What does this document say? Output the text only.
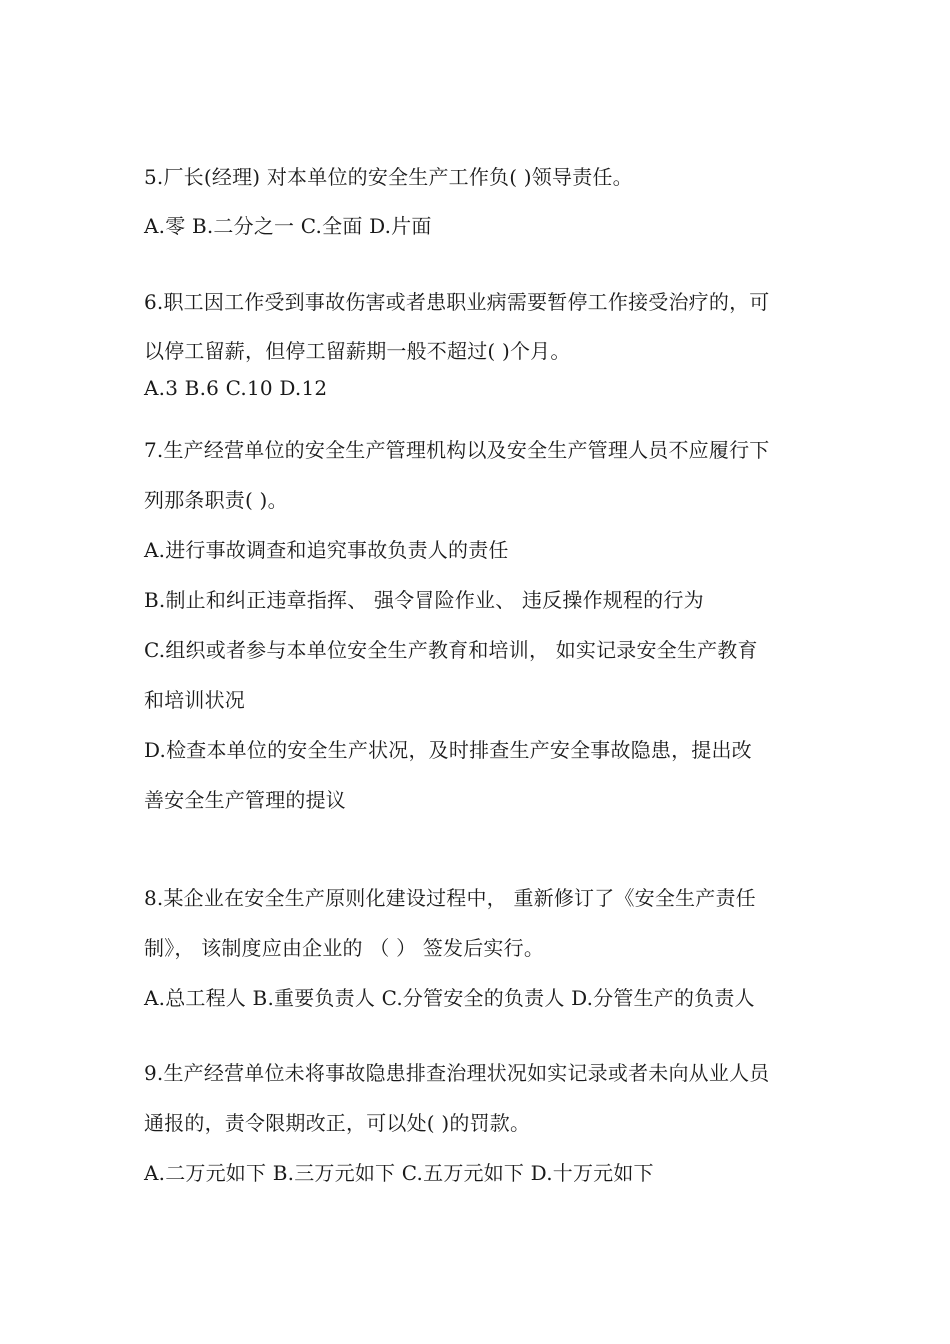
5.厂长(经理) 对本单位的安全生产工作负( )领导责任。
A.零 B.二分之一 C.全面 D.片面
6.职工因工作受到事故伤害或者患职业病需要暂停工作接受治疗的，可
以停工留薪，但停工留薪期一般不超过( )个月。
A.3 B.6 C.10 D.12
7.生产经营单位的安全生产管理机构以及安全生产管理人员不应履行下
列那条职责( )。
A.进行事故调查和追究事故负责人的责任
B.制止和纠正违章指挥、 强令冒险作业、 违反操作规程的行为
C.组织或者参与本单位安全生产教育和培训， 如实记录安全生产教育
和培训状况
D.检查本单位的安全生产状况，及时排查生产安全事故隐患，提出改
善安全生产管理的提议
8.某企业在安全生产原则化建设过程中， 重新修订了《安全生产责任
制》， 该制度应由企业的 （ ） 签发后实行。
A.总工程人 B.重要负责人 C.分管安全的负责人 D.分管生产的负责人
9.生产经营单位未将事故隐患排查治理状况如实记录或者未向从业人员
通报的，责令限期改正，可以处( )的罚款。
A.二万元如下 B.三万元如下 C.五万元如下 D.十万元如下
